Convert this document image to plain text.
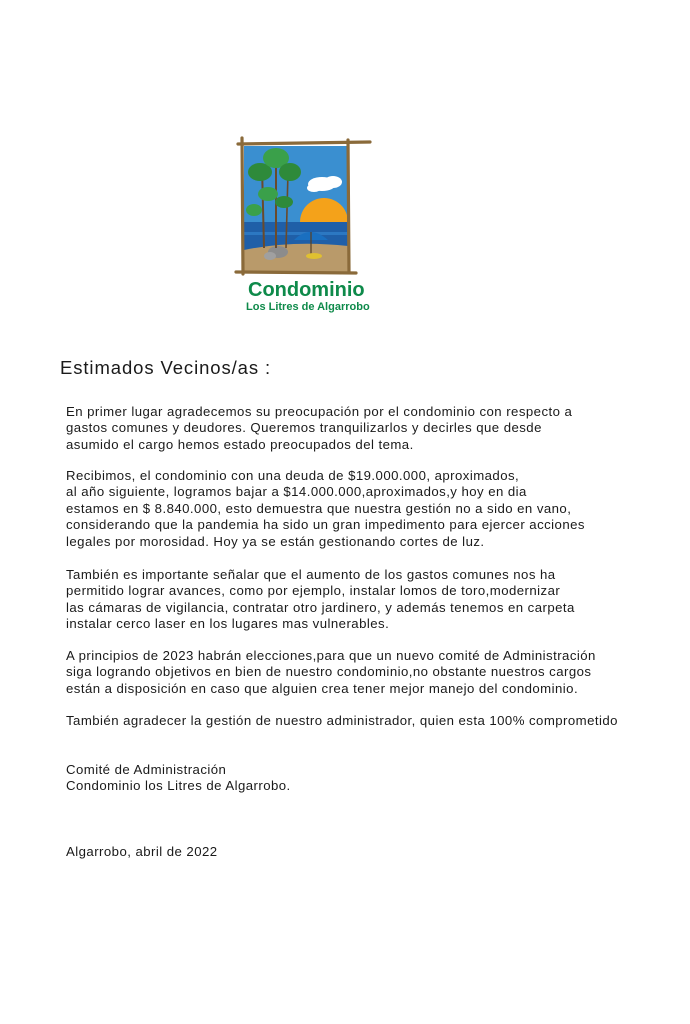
Condominio
Los Litres de Algarrobo
Estimados Vecinos/as :
En primer lugar agradecemos su preocupación por el condominio con respecto a
gastos comunes y deudores. Queremos tranquilizarlos y decirles que desde
asumido el cargo hemos estado preocupados del tema.
Recibimos, el condominio con una deuda de $19.000.000, aproximados,
al año siguiente, logramos bajar a $14.000.000,aproximados,y hoy en dia
estamos en $ 8.840.000, esto demuestra que nuestra gestión no a sido en vano,
considerando que la pandemia ha sido un gran impedimento para ejercer acciones
legales por morosidad. Hoy ya se están gestionando cortes de luz.
También es importante señalar que el aumento de los gastos comunes nos ha
permitido lograr avances, como por ejemplo, instalar lomos de toro,modernizar
las cámaras de vigilancia, contratar otro jardinero, y además tenemos en carpeta
instalar cerco laser en los lugares mas vulnerables.
A principios de 2023 habrán elecciones,para que un nuevo comité de Administración
siga logrando objetivos en bien de nuestro condominio,no obstante nuestros cargos
están a disposición en caso que alguien crea tener mejor manejo del condominio.
También agradecer la gestión de nuestro administrador, quien esta 100% comprometido
Comité de Administración
Condominio los Litres de Algarrobo.
Algarrobo, abril de 2022
